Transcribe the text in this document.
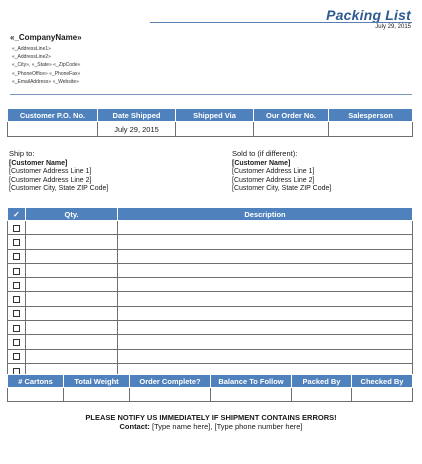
Packing List
July 29, 2015
«_CompanyName»
«_AddressLine1»
«_AddressLine2»
«_City», «_State» «_ZipCode»
«_PhoneOffice» «_PhoneFax»
«_EmailAddress» «_Website»
Customer P.O. No.	Date Shipped	Shipped Via	Our Order No.	Salesperson
	July 29, 2015			
Ship to:
[Customer Name]
[Customer Address Line 1]
[Customer Address Line 2]
[Customer City, State ZIP Code]
Sold to (if different):
[Customer Name]
[Customer Address Line 1]
[Customer Address Line 2]
[Customer City, State ZIP Code]
✓	Qty.	Description

# Cartons	Total Weight	Order Complete?	Balance To Follow	Packed By	Checked By

PLEASE NOTIFY US IMMEDIATELY IF SHIPMENT CONTAINS ERRORS!
Contact: [Type name here], [Type phone number here]
